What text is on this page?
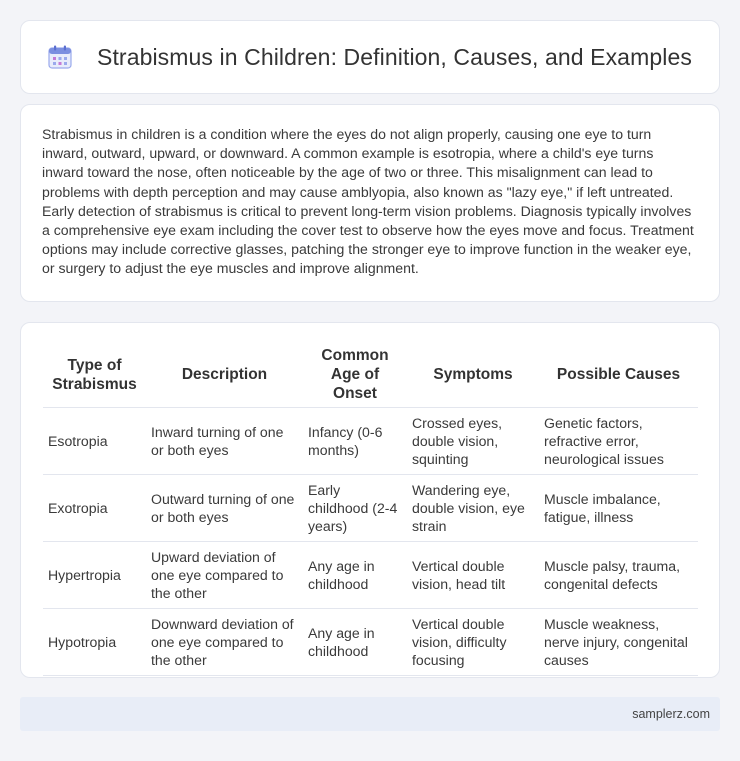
Strabismus in Children: Definition, Causes, and Examples

Strabismus in children is a condition where the eyes do not align properly, causing one eye to turn inward, outward, upward, or downward. A common example is esotropia, where a child's eye turns inward toward the nose, often noticeable by the age of two or three. This misalignment can lead to problems with depth perception and may cause amblyopia, also known as "lazy eye," if left untreated. Early detection of strabismus is critical to prevent long-term vision problems. Diagnosis typically involves a comprehensive eye exam including the cover test to observe how the eyes move and focus. Treatment options may include corrective glasses, patching the stronger eye to improve function in the weaker eye, or surgery to adjust the eye muscles and improve alignment.

Type of Strabismus	Description	Common Age of Onset	Symptoms	Possible Causes
Esotropia	Inward turning of one or both eyes	Infancy (0-6 months)	Crossed eyes, double vision, squinting	Genetic factors, refractive error, neurological issues
Exotropia	Outward turning of one or both eyes	Early childhood (2-4 years)	Wandering eye, double vision, eye strain	Muscle imbalance, fatigue, illness
Hypertropia	Upward deviation of one eye compared to the other	Any age in childhood	Vertical double vision, head tilt	Muscle palsy, trauma, congenital defects
Hypotropia	Downward deviation of one eye compared to the other	Any age in childhood	Vertical double vision, difficulty focusing	Muscle weakness, nerve injury, congenital causes
samplerz.com
